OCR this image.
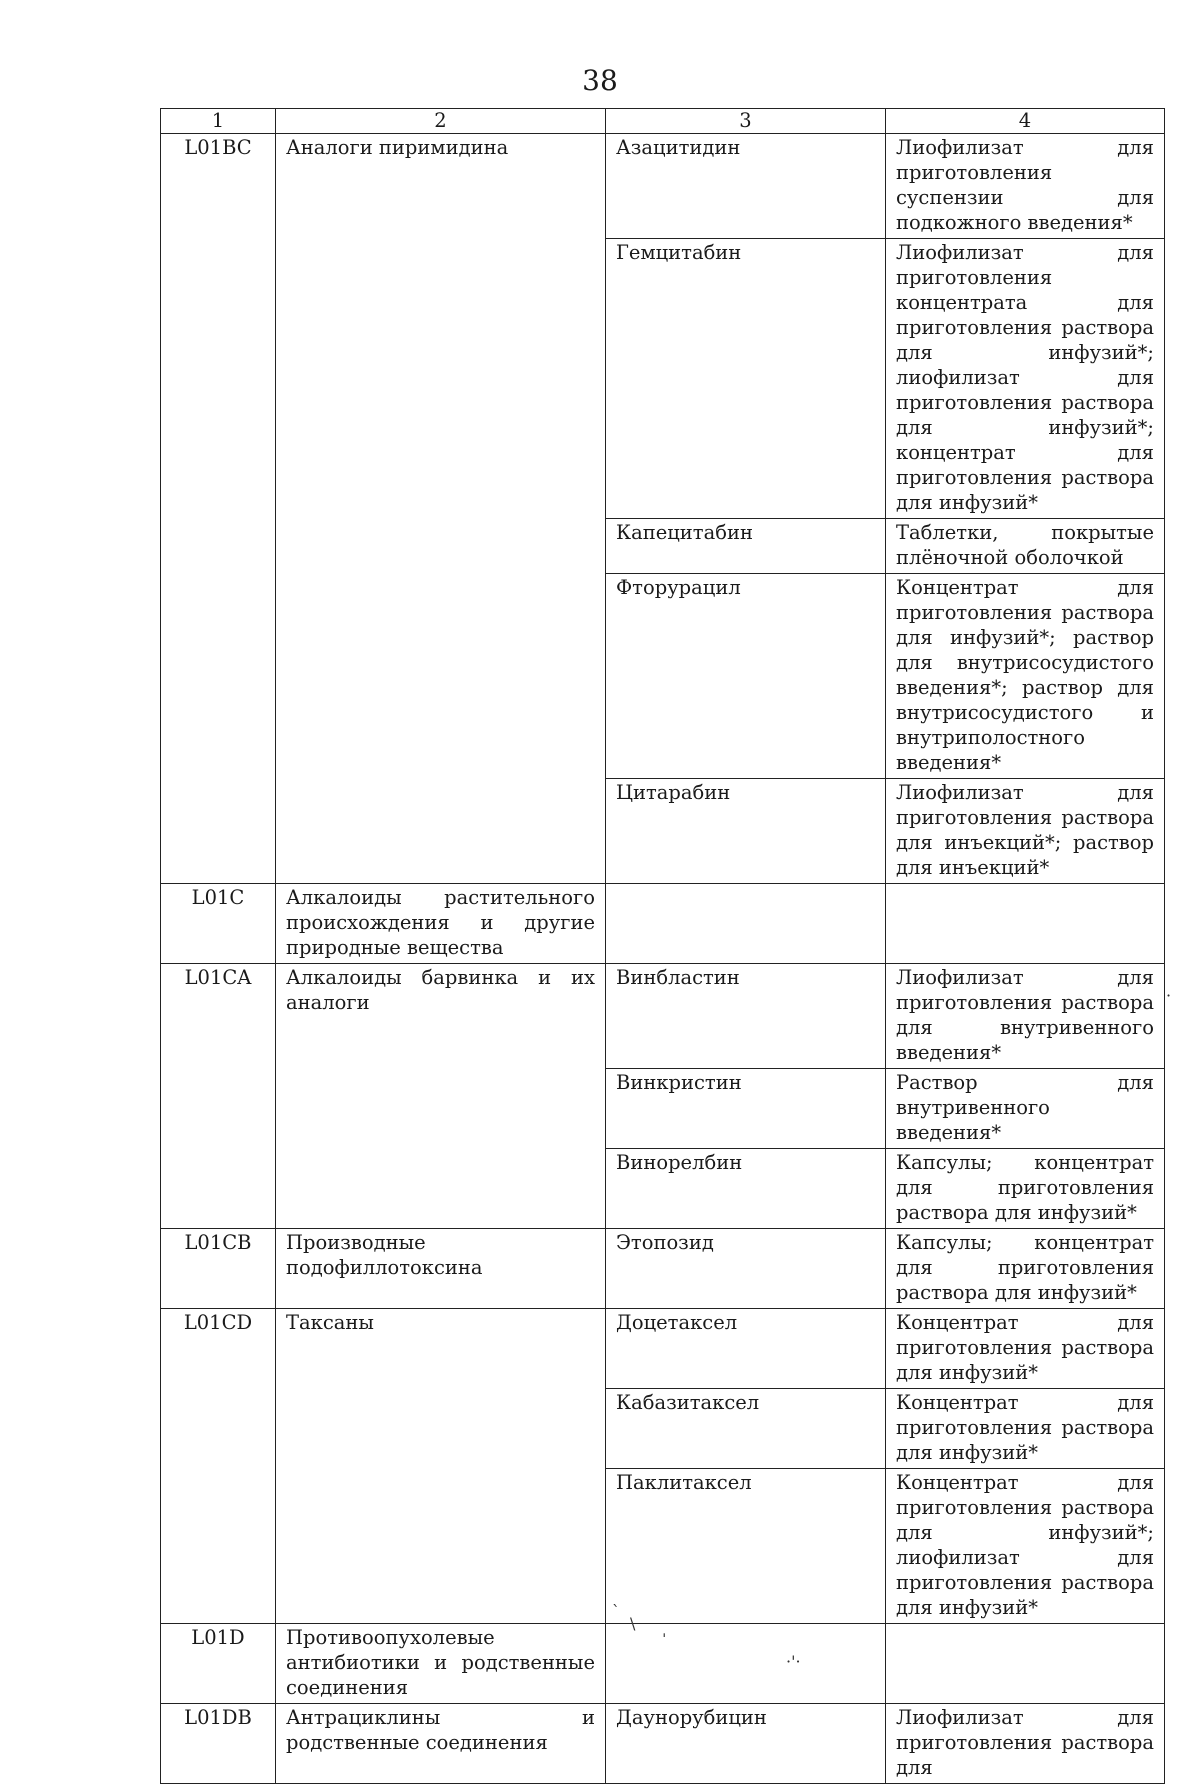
38
1	2	3	4
L01BC	Аналоги пиримидина	Азацитидин	Лиофилизат для приготовления суспензии для подкожного введения*
		Гемцитабин	Лиофилизат для приготовления концентрата для приготовления раствора для инфузий*; лиофилизат для приготовления раствора для инфузий*; концентрат для приготовления раствора для инфузий*
		Капецитабин	Таблетки, покрытые плёночной оболочкой
		Фторурацил	Концентрат для приготовления раствора для инфузий*; раствор для внутрисосудистого введения*; раствор для внутрисосудистого и внутриполостного введения*
		Цитарабин	Лиофилизат для приготовления раствора для инъекций*; раствор для инъекций*
L01C	Алкалоиды растительного происхождения и другие природные вещества		
L01CA	Алкалоиды барвинка и их аналоги	Винбластин	Лиофилизат для приготовления раствора для внутривенного введения*
		Винкристин	Раствор для внутривенного введения*
		Винорелбин	Капсулы; концентрат для приготовления раствора для инфузий*
L01CB	Производные подофиллотоксина	Этопозид	Капсулы; концентрат для приготовления раствора для инфузий*
L01CD	Таксаны	Доцетаксел	Концентрат для приготовления раствора для инфузий*
		Кабазитаксел	Концентрат для приготовления раствора для инфузий*
		Паклитаксел	Концентрат для приготовления раствора для инфузий*; лиофилизат для приготовления раствора для инфузий*
L01D	Противоопухолевые антибиотики и родственные соединения		
L01DB	Антрациклины и родственные соединения	Даунорубицин	Лиофилизат для приготовления раствора для
`
\ ˌ
·'·
·
